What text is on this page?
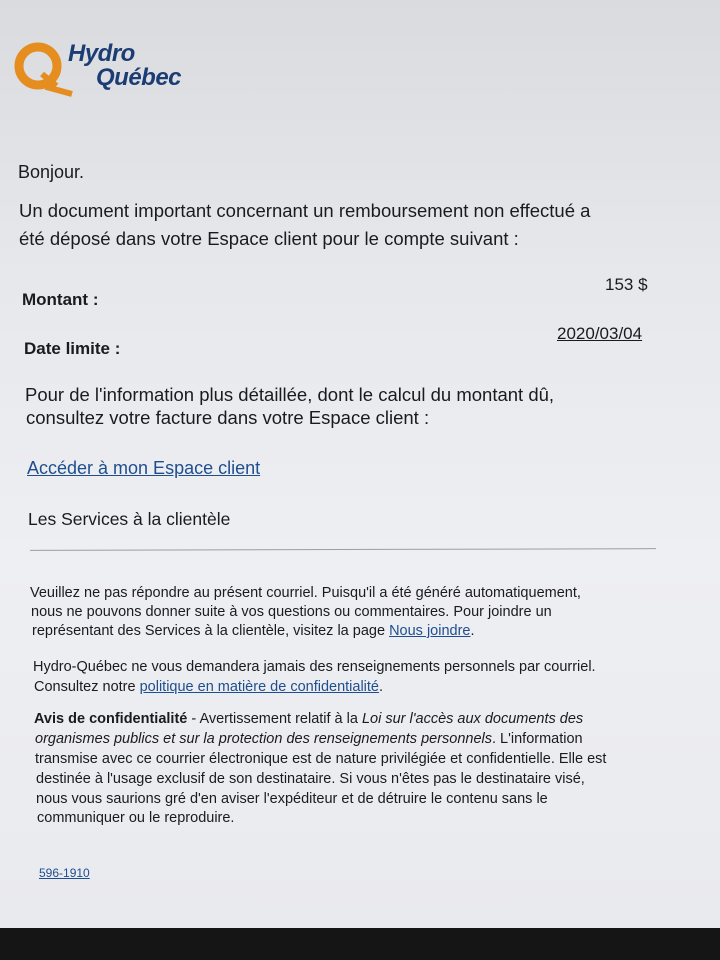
Hydro
Québec
Bonjour.
Un document important concernant un remboursement non effectué a
été déposé dans votre Espace client pour le compte suivant :
Montant :
153 $
Date limite :
2020/03/04
Pour de l'information plus détaillée, dont le calcul du montant dû,
consultez votre facture dans votre Espace client :
Accéder à mon Espace client
Les Services à la clientèle
Veuillez ne pas répondre au présent courriel. Puisqu'il a été généré automatiquement,
nous ne pouvons donner suite à vos questions ou commentaires. Pour joindre un
représentant des Services à la clientèle, visitez la page Nous joindre.
Hydro-Québec ne vous demandera jamais des renseignements personnels par courriel.
Consultez notre politique en matière de confidentialité.
Avis de confidentialité - Avertissement relatif à la Loi sur l'accès aux documents des
organismes publics et sur la protection des renseignements personnels. L'information
transmise avec ce courrier électronique est de nature privilégiée et confidentielle. Elle est
destinée à l'usage exclusif de son destinataire. Si vous n'êtes pas le destinataire visé,
nous vous saurions gré d'en aviser l'expéditeur et de détruire le contenu sans le
communiquer ou le reproduire.
596-1910
